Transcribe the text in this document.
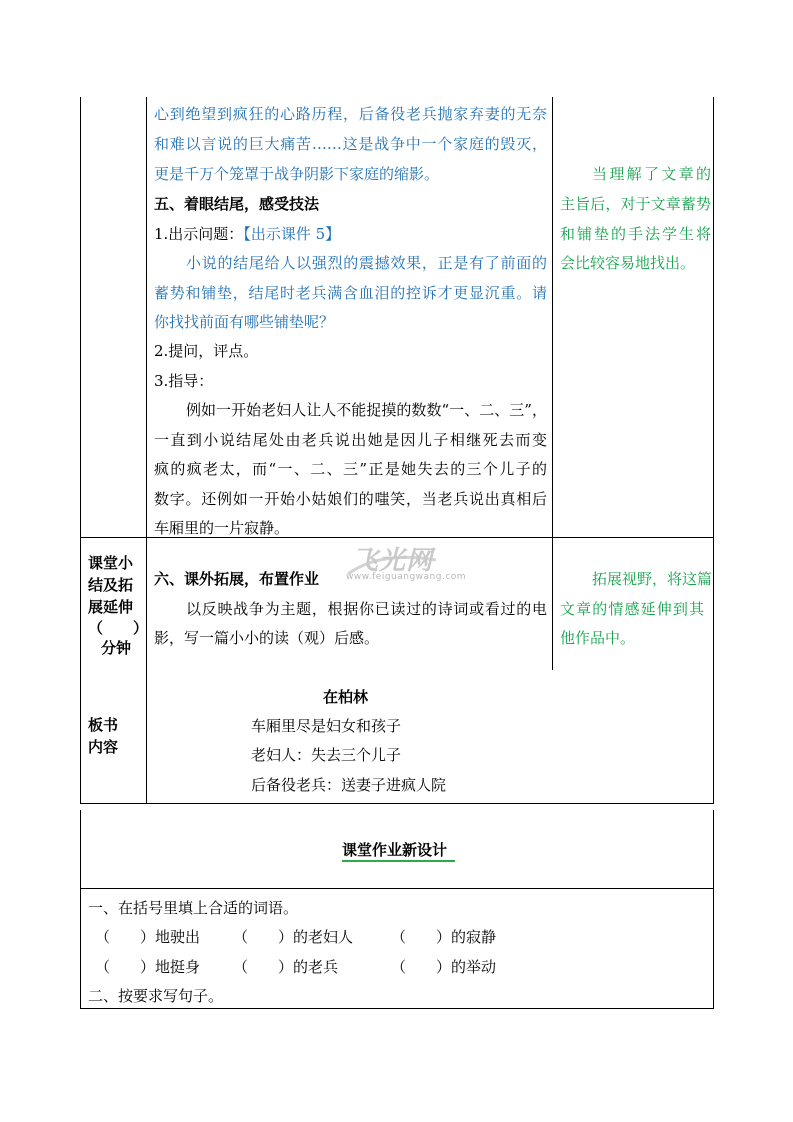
心到绝望到疯狂的心路历程，后备役老兵抛家弃妻的无奈
和难以言说的巨大痛苦……这是战争中一个家庭的毁灭，
更是千万个笼罩于战争阴影下家庭的缩影。
五、着眼结尾，感受技法
1.出示问题：【出示课件 5】
小说的结尾给人以强烈的震撼效果，正是有了前面的
蓄势和铺垫，结尾时老兵满含血泪的控诉才更显沉重。请
你找找前面有哪些铺垫呢？
2.提问，评点。
3.指导：
例如一开始老妇人让人不能捉摸的数数“一、二、三”，
一直到小说结尾处由老兵说出她是因儿子相继死去而变
疯的疯老太，而“一、二、三”正是她失去的三个儿子的
数字。还例如一开始小姑娘们的嗤笑，当老兵说出真相后
车厢里的一片寂静。
当理解了文章的
主旨后，对于文章蓄势
和铺垫的手法学生将
会比较容易地找出。
课堂小
结及拓
展延伸
（　　）
分钟
六、课外拓展，布置作业
以反映战争为主题，根据你已读过的诗词或看过的电
影，写一篇小小的读（观）后感。
拓展视野，将这篇
文章的情感延伸到其
他作品中。
飞光网
www.feiguangwang.com
板书
内容
在柏林
车厢里尽是妇女和孩子
老妇人：失去三个儿子
后备役老兵：送妻子进疯人院
课堂作业新设计
一、在括号里填上合适的词语。
（　　）地驶出 （　　）的老妇人	（　　）的寂静
（　　）地挺身 （　　）的老兵	（　　）的举动
二、按要求写句子。
